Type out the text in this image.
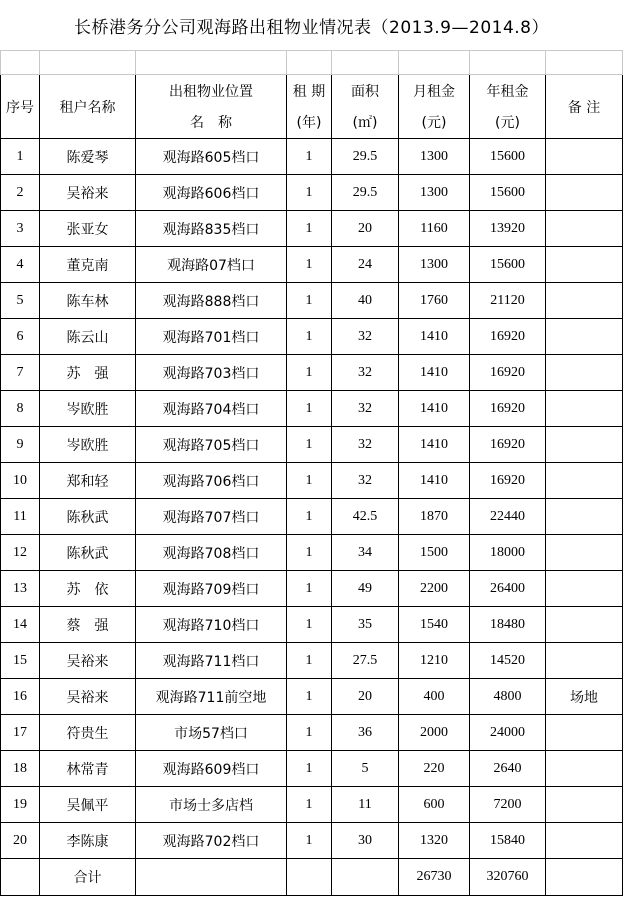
长桥港务分公司观海路出租物业情况表（2013.9—2014.8）

序号	租户名称	出租物业位置	租 期	面积	月租金	年租金	备 注
		名　称	(年)	(㎡)	(元)	(元)	
1	陈爱琴	观海路605档口	1	29.5	1300	15600	
2	吴裕来	观海路606档口	1	29.5	1300	15600	
3	张亚女	观海路835档口	1	20	1160	13920	
4	董克南	观海路07档口	1	24	1300	15600	
5	陈车林	观海路888档口	1	40	1760	21120	
6	陈云山	观海路701档口	1	32	1410	16920	
7	苏　强	观海路703档口	1	32	1410	16920	
8	岑欧胜	观海路704档口	1	32	1410	16920	
9	岑欧胜	观海路705档口	1	32	1410	16920	
10	郑和轻	观海路706档口	1	32	1410	16920	
11	陈秋武	观海路707档口	1	42.5	1870	22440	
12	陈秋武	观海路708档口	1	34	1500	18000	
13	苏　依	观海路709档口	1	49	2200	26400	
14	蔡　强	观海路710档口	1	35	1540	18480	
15	吴裕来	观海路711档口	1	27.5	1210	14520	
16	吴裕来	观海路711前空地	1	20	400	4800	场地
17	符贵生	市场57档口	1	36	2000	24000	
18	林常青	观海路609档口	1	5	220	2640	
19	吴佩平	市场士多店档	1	11	600	7200	
20	李陈康	观海路702档口	1	30	1320	15840	
	合计				26730	320760	
